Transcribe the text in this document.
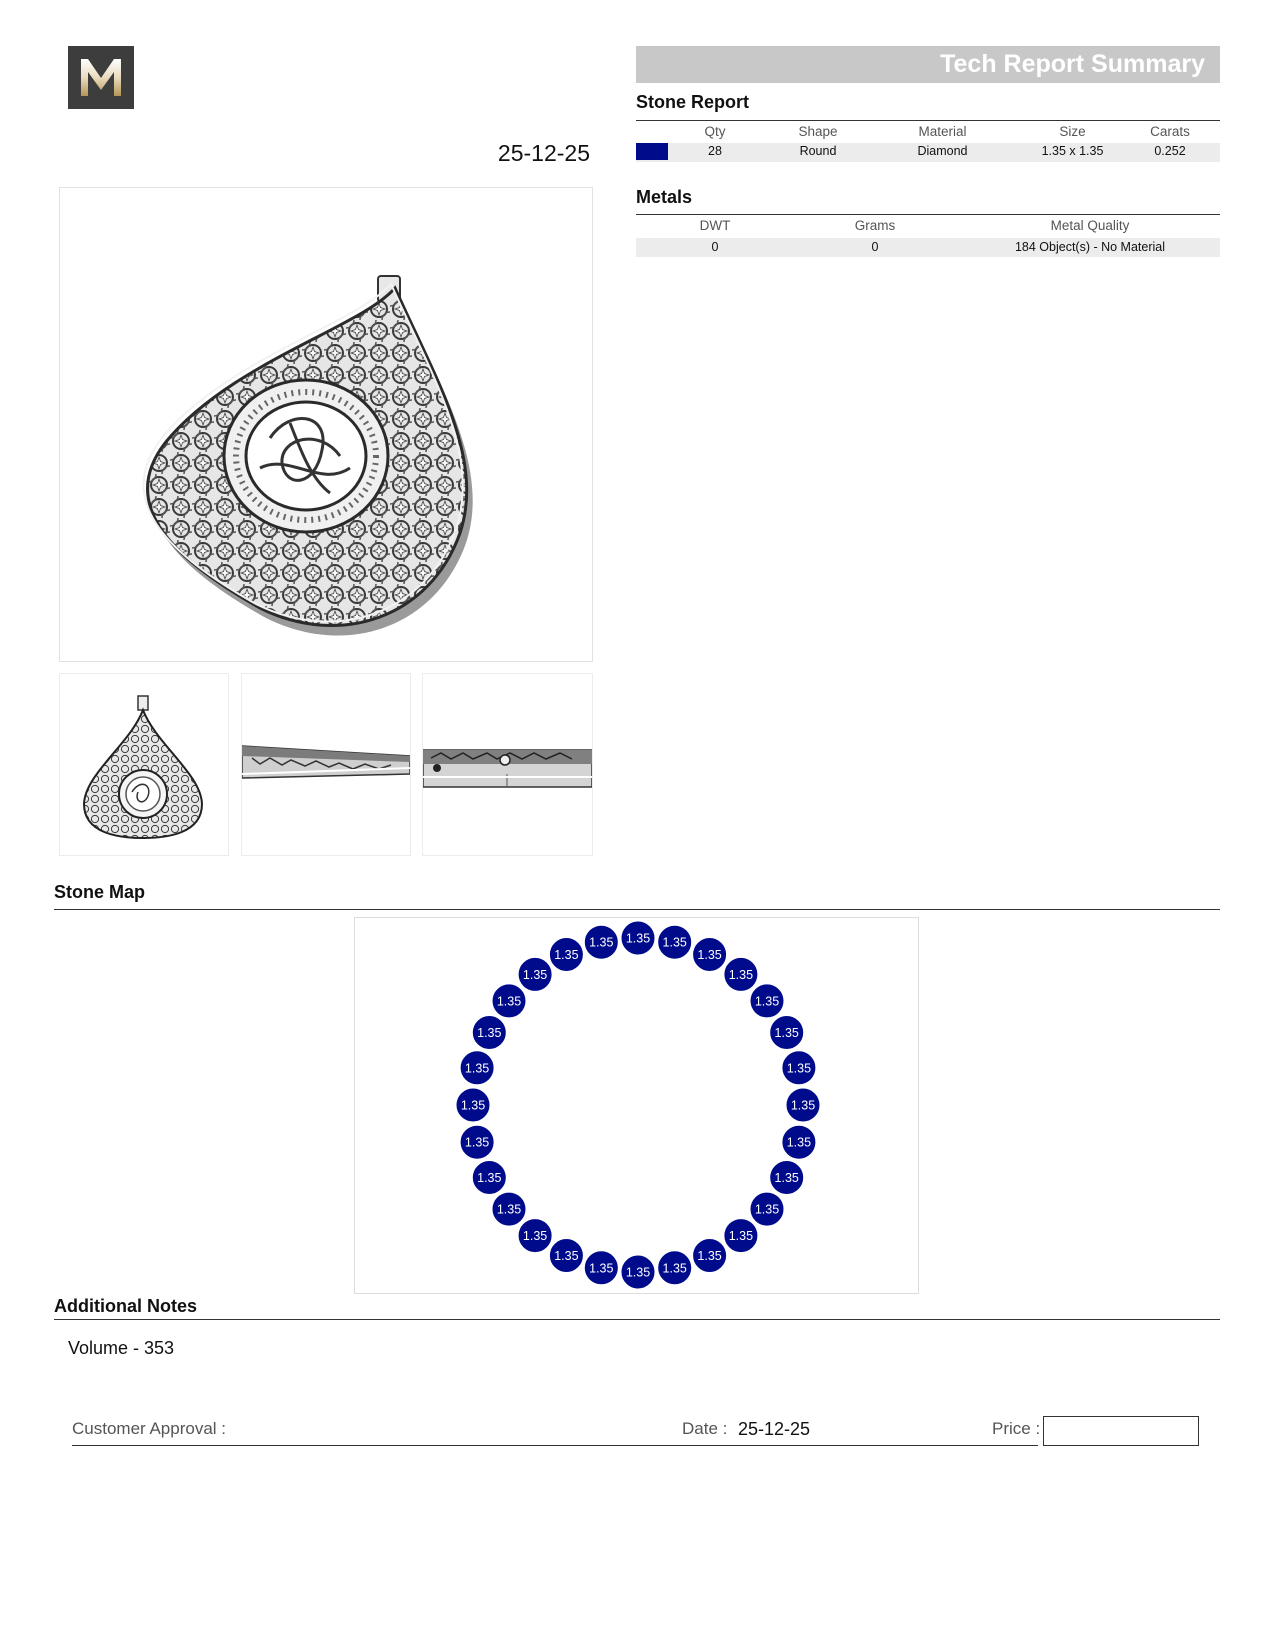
25-12-25
Tech Report Summary
Stone Report
Qty	Shape	Material	Size	Carats
28	Round	Diamond	1.35 x 1.35	0.252
Metals
DWT	Grams	Metal Quality
0	0	184 Object(s) - No Material
Stone Map
1.35 1.35
1.35
1.35
1.35
1.35
1.35
1.35
1.35
1.35
1.35
1.35
1.35
1.35
1.35
1.35
1.35
1.35
1.35
1.35
1.35
1.35
1.35
1.35
1.35
1.35
1.35
1.35
Additional Notes
Volume - 353
Customer Approval :	Date : 25-12-25	Price :
